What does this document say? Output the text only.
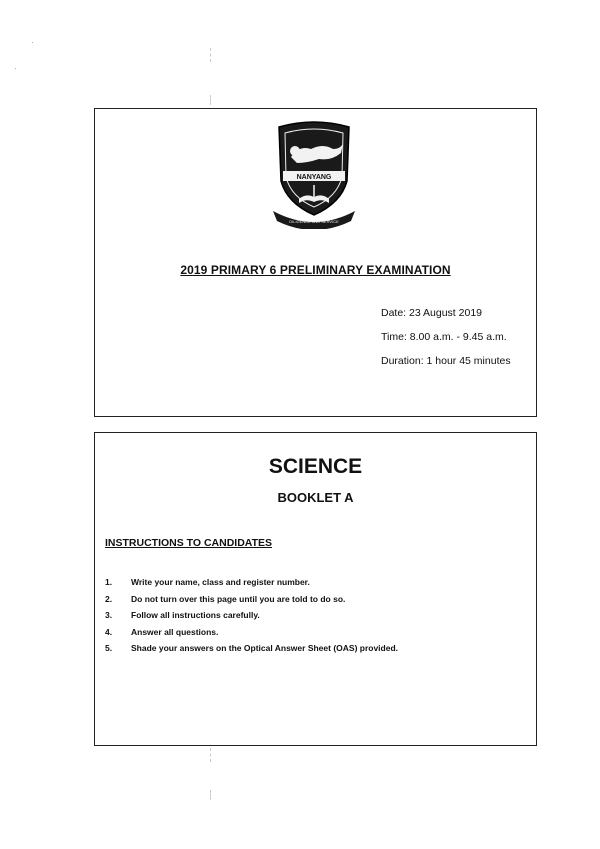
NANYANG
DILIGENCE AND SERVICE
2019 PRIMARY 6 PRELIMINARY EXAMINATION
Date: 23 August 2019
Time: 8.00 a.m. - 9.45 a.m.
Duration: 1 hour 45 minutes
SCIENCE
BOOKLET A
INSTRUCTIONS TO CANDIDATES
1.	Write your name, class and register number.
2.	Do not turn over this page until you are told to do so.
3.	Follow all instructions carefully.
4.	Answer all questions.
5.	Shade your answers on the Optical Answer Sheet (OAS) provided.
